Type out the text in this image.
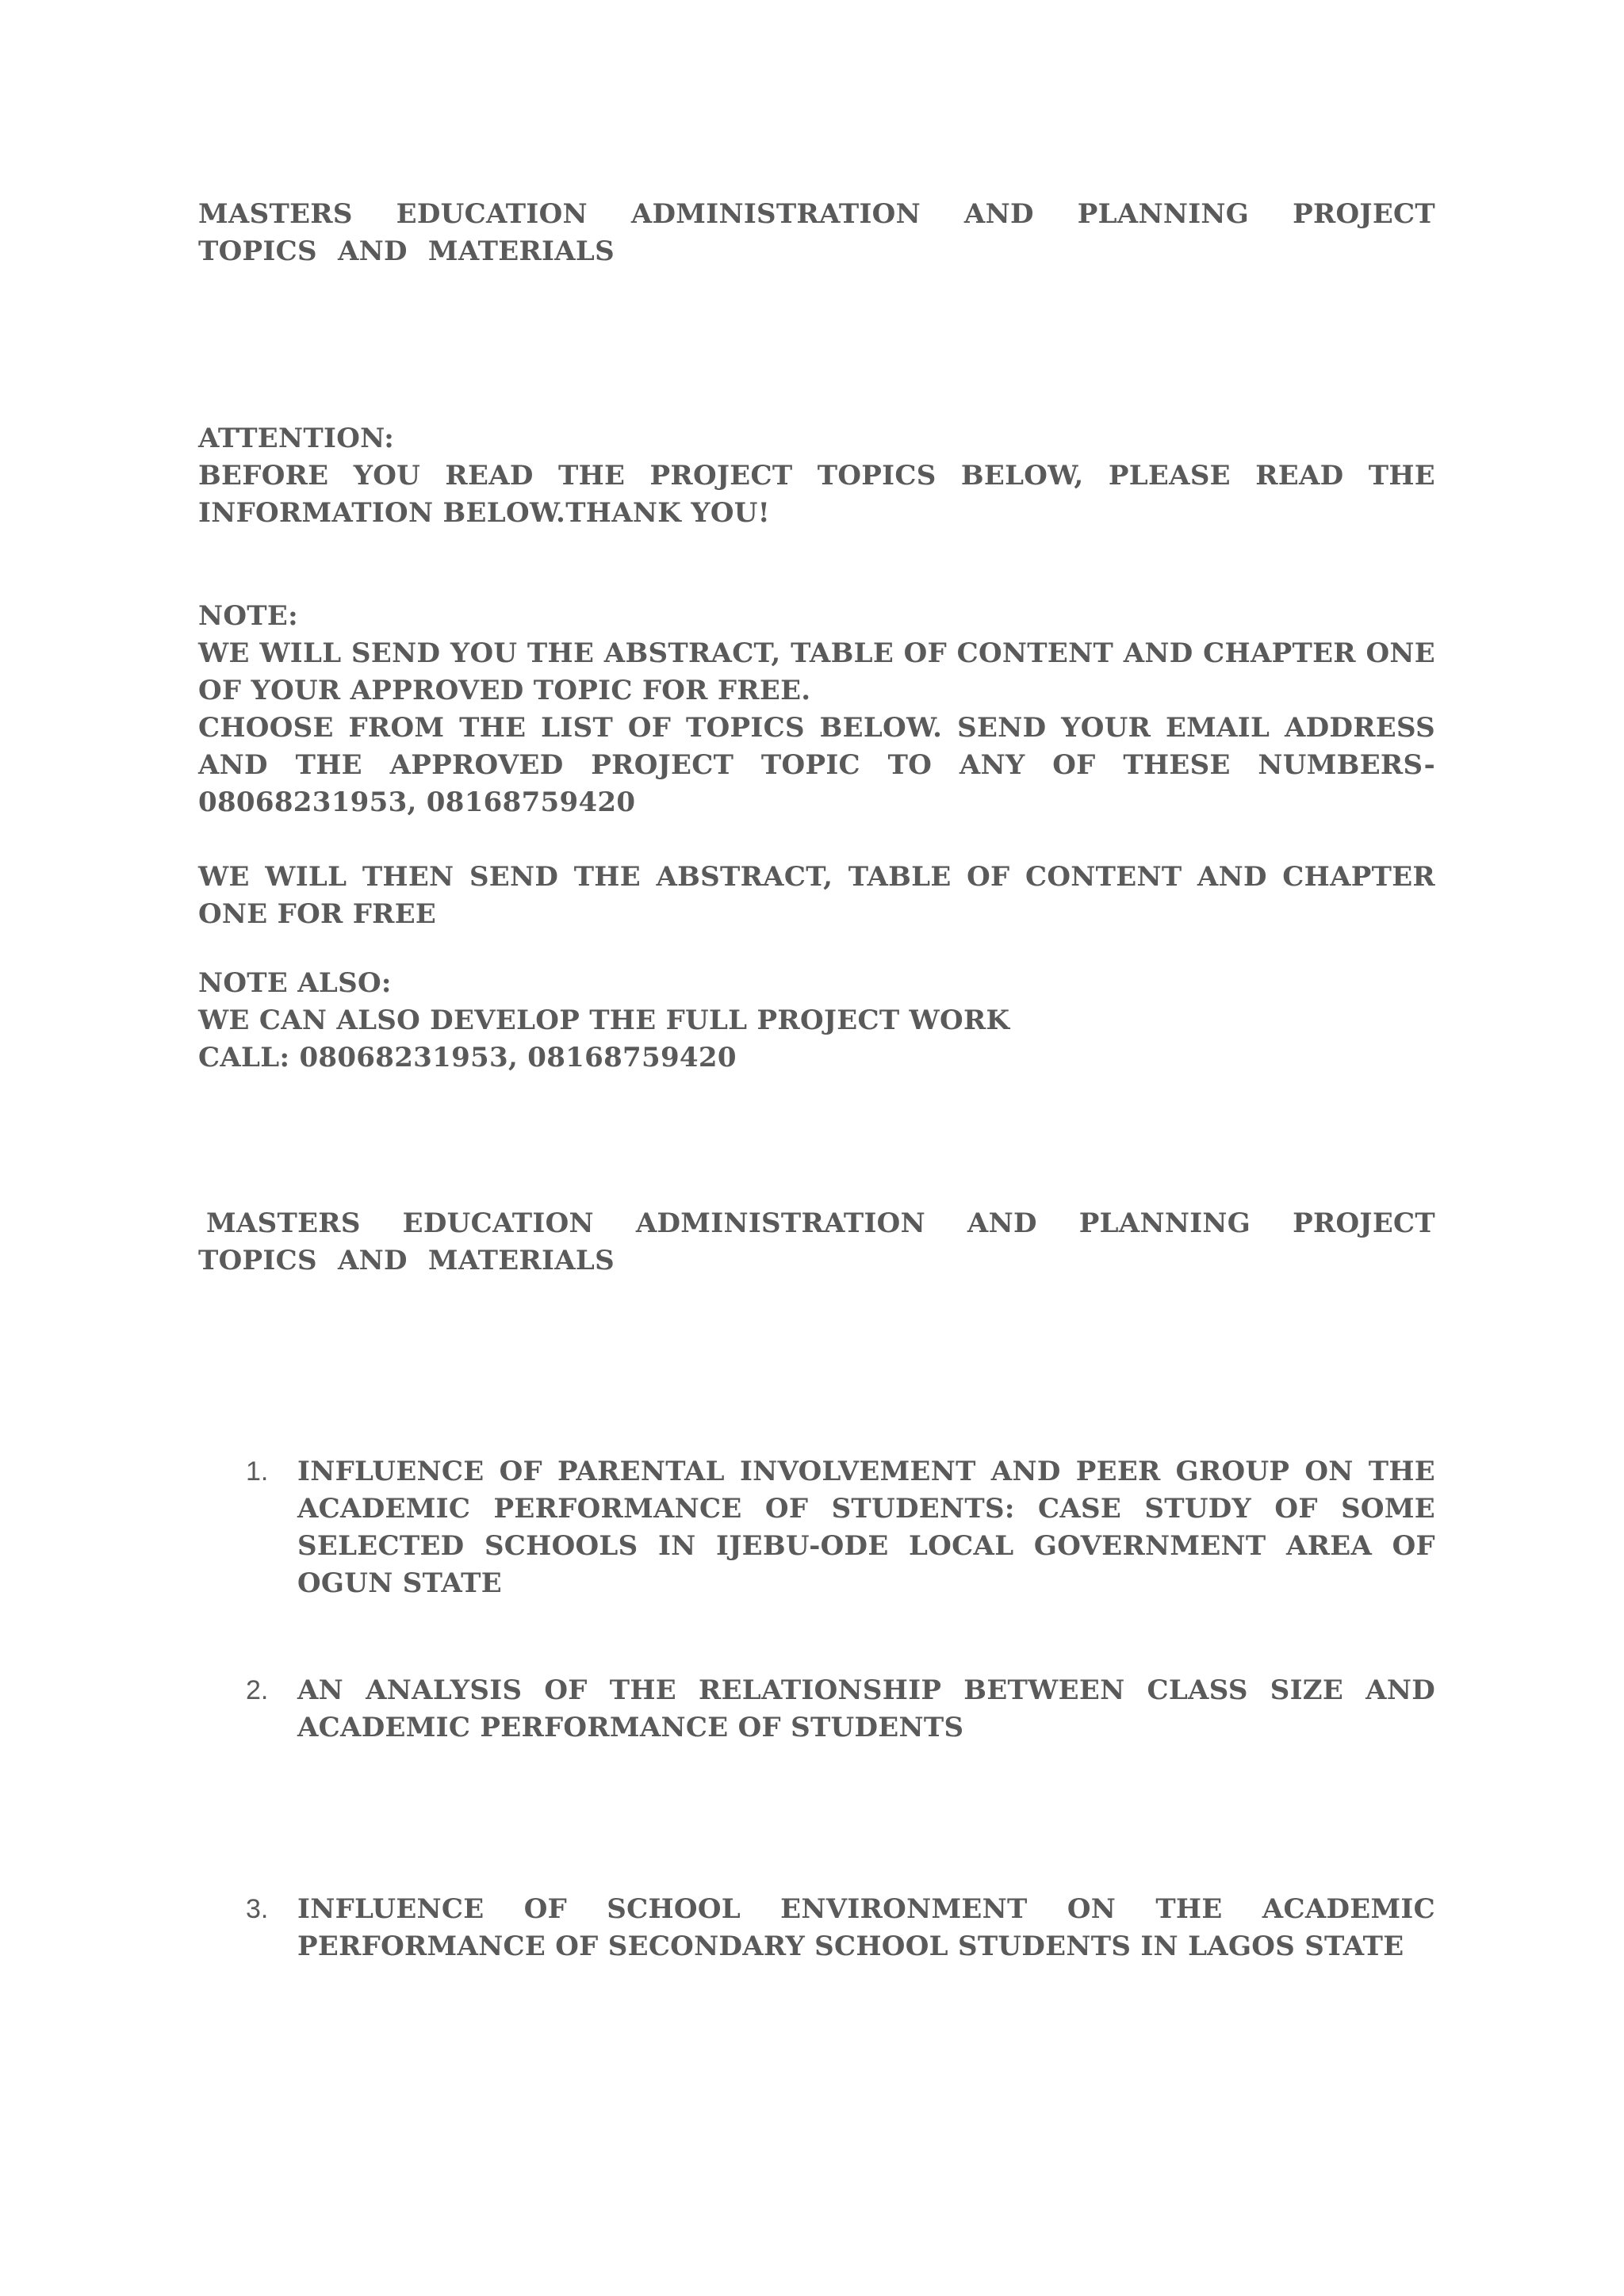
MASTERS EDUCATION ADMINISTRATION AND PLANNING PROJECT TOPICS AND MATERIALS
ATTENTION:
BEFORE YOU READ THE PROJECT TOPICS BELOW, PLEASE READ THE INFORMATION BELOW.THANK YOU!
NOTE:
WE WILL SEND YOU THE ABSTRACT, TABLE OF CONTENT AND CHAPTER ONE OF YOUR APPROVED TOPIC FOR FREE.
CHOOSE FROM THE LIST OF TOPICS BELOW. SEND YOUR EMAIL ADDRESS AND THE APPROVED PROJECT TOPIC TO ANY OF THESE NUMBERS-08068231953, 08168759420
WE WILL THEN SEND THE ABSTRACT, TABLE OF CONTENT AND CHAPTER ONE FOR FREE
NOTE ALSO:
WE CAN ALSO DEVELOP THE FULL PROJECT WORK
CALL: 08068231953, 08168759420
MASTERS EDUCATION ADMINISTRATION AND PLANNING PROJECT TOPICS AND MATERIALS
1. INFLUENCE OF PARENTAL INVOLVEMENT AND PEER GROUP ON THE ACADEMIC PERFORMANCE OF STUDENTS: CASE STUDY OF SOME SELECTED SCHOOLS IN IJEBU-ODE LOCAL GOVERNMENT AREA OF OGUN STATE
2. AN ANALYSIS OF THE RELATIONSHIP BETWEEN CLASS SIZE AND ACADEMIC PERFORMANCE OF STUDENTS
3. INFLUENCE OF SCHOOL ENVIRONMENT ON THE ACADEMIC PERFORMANCE OF SECONDARY SCHOOL STUDENTS IN LAGOS STATE
